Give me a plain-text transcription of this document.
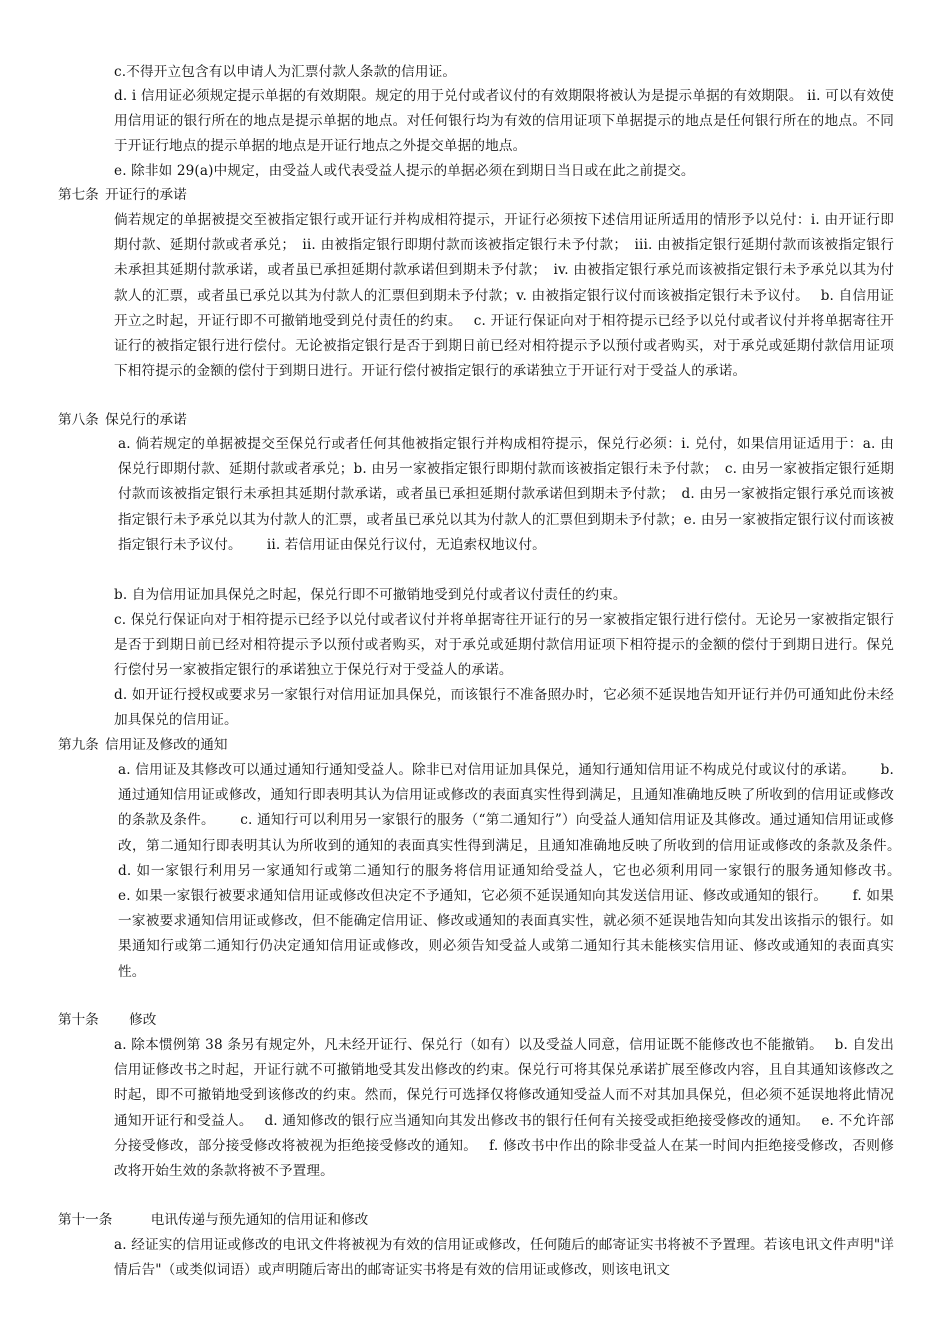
c.不得开立包含有以申请人为汇票付款人条款的信用证。

d. i 信用证必须规定提示单据的有效期限。规定的用于兑付或者议付的有效期限将被认为是提示单据的有效期限。 ii. 可以有效使用信用证的银行所在的地点是提示单据的地点。对任何银行均为有效的信用证项下单据提示的地点是任何银行所在的地点。不同于开证行地点的提示单据的地点是开证行地点之外提交单据的地点。

e. 除非如 29(a)中规定，由受益人或代表受益人提示的单据必须在到期日当日或在此之前提交。

第七条 开证行的承诺

倘若规定的单据被提交至被指定银行或开证行并构成相符提示，开证行必须按下述信用证所适用的情形予以兑付：i. 由开证行即期付款、延期付款或者承兑；　ii. 由被指定银行即期付款而该被指定银行未予付款；　iii. 由被指定银行延期付款而该被指定银行未承担其延期付款承诺，或者虽已承担延期付款承诺但到期未予付款；　iv. 由被指定银行承兑而该被指定银行未予承兑以其为付款人的汇票，或者虽已承兑以其为付款人的汇票但到期未予付款；v. 由被指定银行议付而该被指定银行未予议付。　 b. 自信用证开立之时起，开证行即不可撤销地受到兑付责任的约束。　 c. 开证行保证向对于相符提示已经予以兑付或者议付并将单据寄往开证行的被指定银行进行偿付。无论被指定银行是否于到期日前已经对相符提示予以预付或者购买，对于承兑或延期付款信用证项下相符提示的金额的偿付于到期日进行。开证行偿付被指定银行的承诺独立于开证行对于受益人的承诺。

第八条 保兑行的承诺

a. 倘若规定的单据被提交至保兑行或者任何其他被指定银行并构成相符提示，保兑行必须：i. 兑付，如果信用证适用于：a. 由保兑行即期付款、延期付款或者承兑；b. 由另一家被指定银行即期付款而该被指定银行未予付款；　c. 由另一家被指定银行延期付款而该被指定银行未承担其延期付款承诺，或者虽已承担延期付款承诺但到期未予付款；　d. 由另一家被指定银行承兑而该被指定银行未予承兑以其为付款人的汇票，或者虽已承兑以其为付款人的汇票但到期未予付款；e. 由另一家被指定银行议付而该被指定银行未予议付。　　 ii. 若信用证由保兑行议付，无追索权地议付。

b. 自为信用证加具保兑之时起，保兑行即不可撤销地受到兑付或者议付责任的约束。

c. 保兑行保证向对于相符提示已经予以兑付或者议付并将单据寄往开证行的另一家被指定银行进行偿付。无论另一家被指定银行是否于到期日前已经对相符提示予以预付或者购买，对于承兑或延期付款信用证项下相符提示的金额的偿付于到期日进行。保兑行偿付另一家被指定银行的承诺独立于保兑行对于受益人的承诺。

d. 如开证行授权或要求另一家银行对信用证加具保兑，而该银行不准备照办时，它必须不延误地告知开证行并仍可通知此份未经加具保兑的信用证。

第九条 信用证及修改的通知

a. 信用证及其修改可以通过通知行通知受益人。除非已对信用证加具保兑，通知行通知信用证不构成兑付或议付的承诺。　　 b. 通过通知信用证或修改，通知行即表明其认为信用证或修改的表面真实性得到满足，且通知准确地反映了所收到的信用证或修改的条款及条件。　　 c. 通知行可以利用另一家银行的服务（“第二通知行”）向受益人通知信用证及其修改。通过通知信用证或修改，第二通知行即表明其认为所收到的通知的表面真实性得到满足，且通知准确地反映了所收到的信用证或修改的条款及条件。　　 d. 如一家银行利用另一家通知行或第二通知行的服务将信用证通知给受益人，它也必须利用同一家银行的服务通知修改书。　　 e. 如果一家银行被要求通知信用证或修改但决定不予通知，它必须不延误通知向其发送信用证、修改或通知的银行。　　 f. 如果一家被要求通知信用证或修改，但不能确定信用证、修改或通知的表面真实性，就必须不延误地告知向其发出该指示的银行。如果通知行或第二通知行仍决定通知信用证或修改，则必须告知受益人或第二通知行其未能核实信用证、修改或通知的表面真实性。

第十条 修改

a. 除本惯例第 38 条另有规定外，凡未经开证行、保兑行（如有）以及受益人同意，信用证既不能修改也不能撤销。　 b. 自发出信用证修改书之时起，开证行就不可撤销地受其发出修改的约束。保兑行可将其保兑承诺扩展至修改内容，且自其通知该修改之时起，即不可撤销地受到该修改的约束。然而，保兑行可选择仅将修改通知受益人而不对其加具保兑，但必须不延误地将此情况通知开证行和受益人。　 d. 通知修改的银行应当通知向其发出修改书的银行任何有关接受或拒绝接受修改的通知。　 e. 不允许部分接受修改，部分接受修改将被视为拒绝接受修改的通知。　 f. 修改书中作出的除非受益人在某一时间内拒绝接受修改，否则修改将开始生效的条款将被不予置理。

第十一条	电讯传递与预先通知的信用证和修改

a. 经证实的信用证或修改的电讯文件将被视为有效的信用证或修改，任何随后的邮寄证实书将被不予置理。若该电讯文件声明"详情后告"（或类似词语）或声明随后寄出的邮寄证实书将是有效的信用证或修改，则该电讯文
